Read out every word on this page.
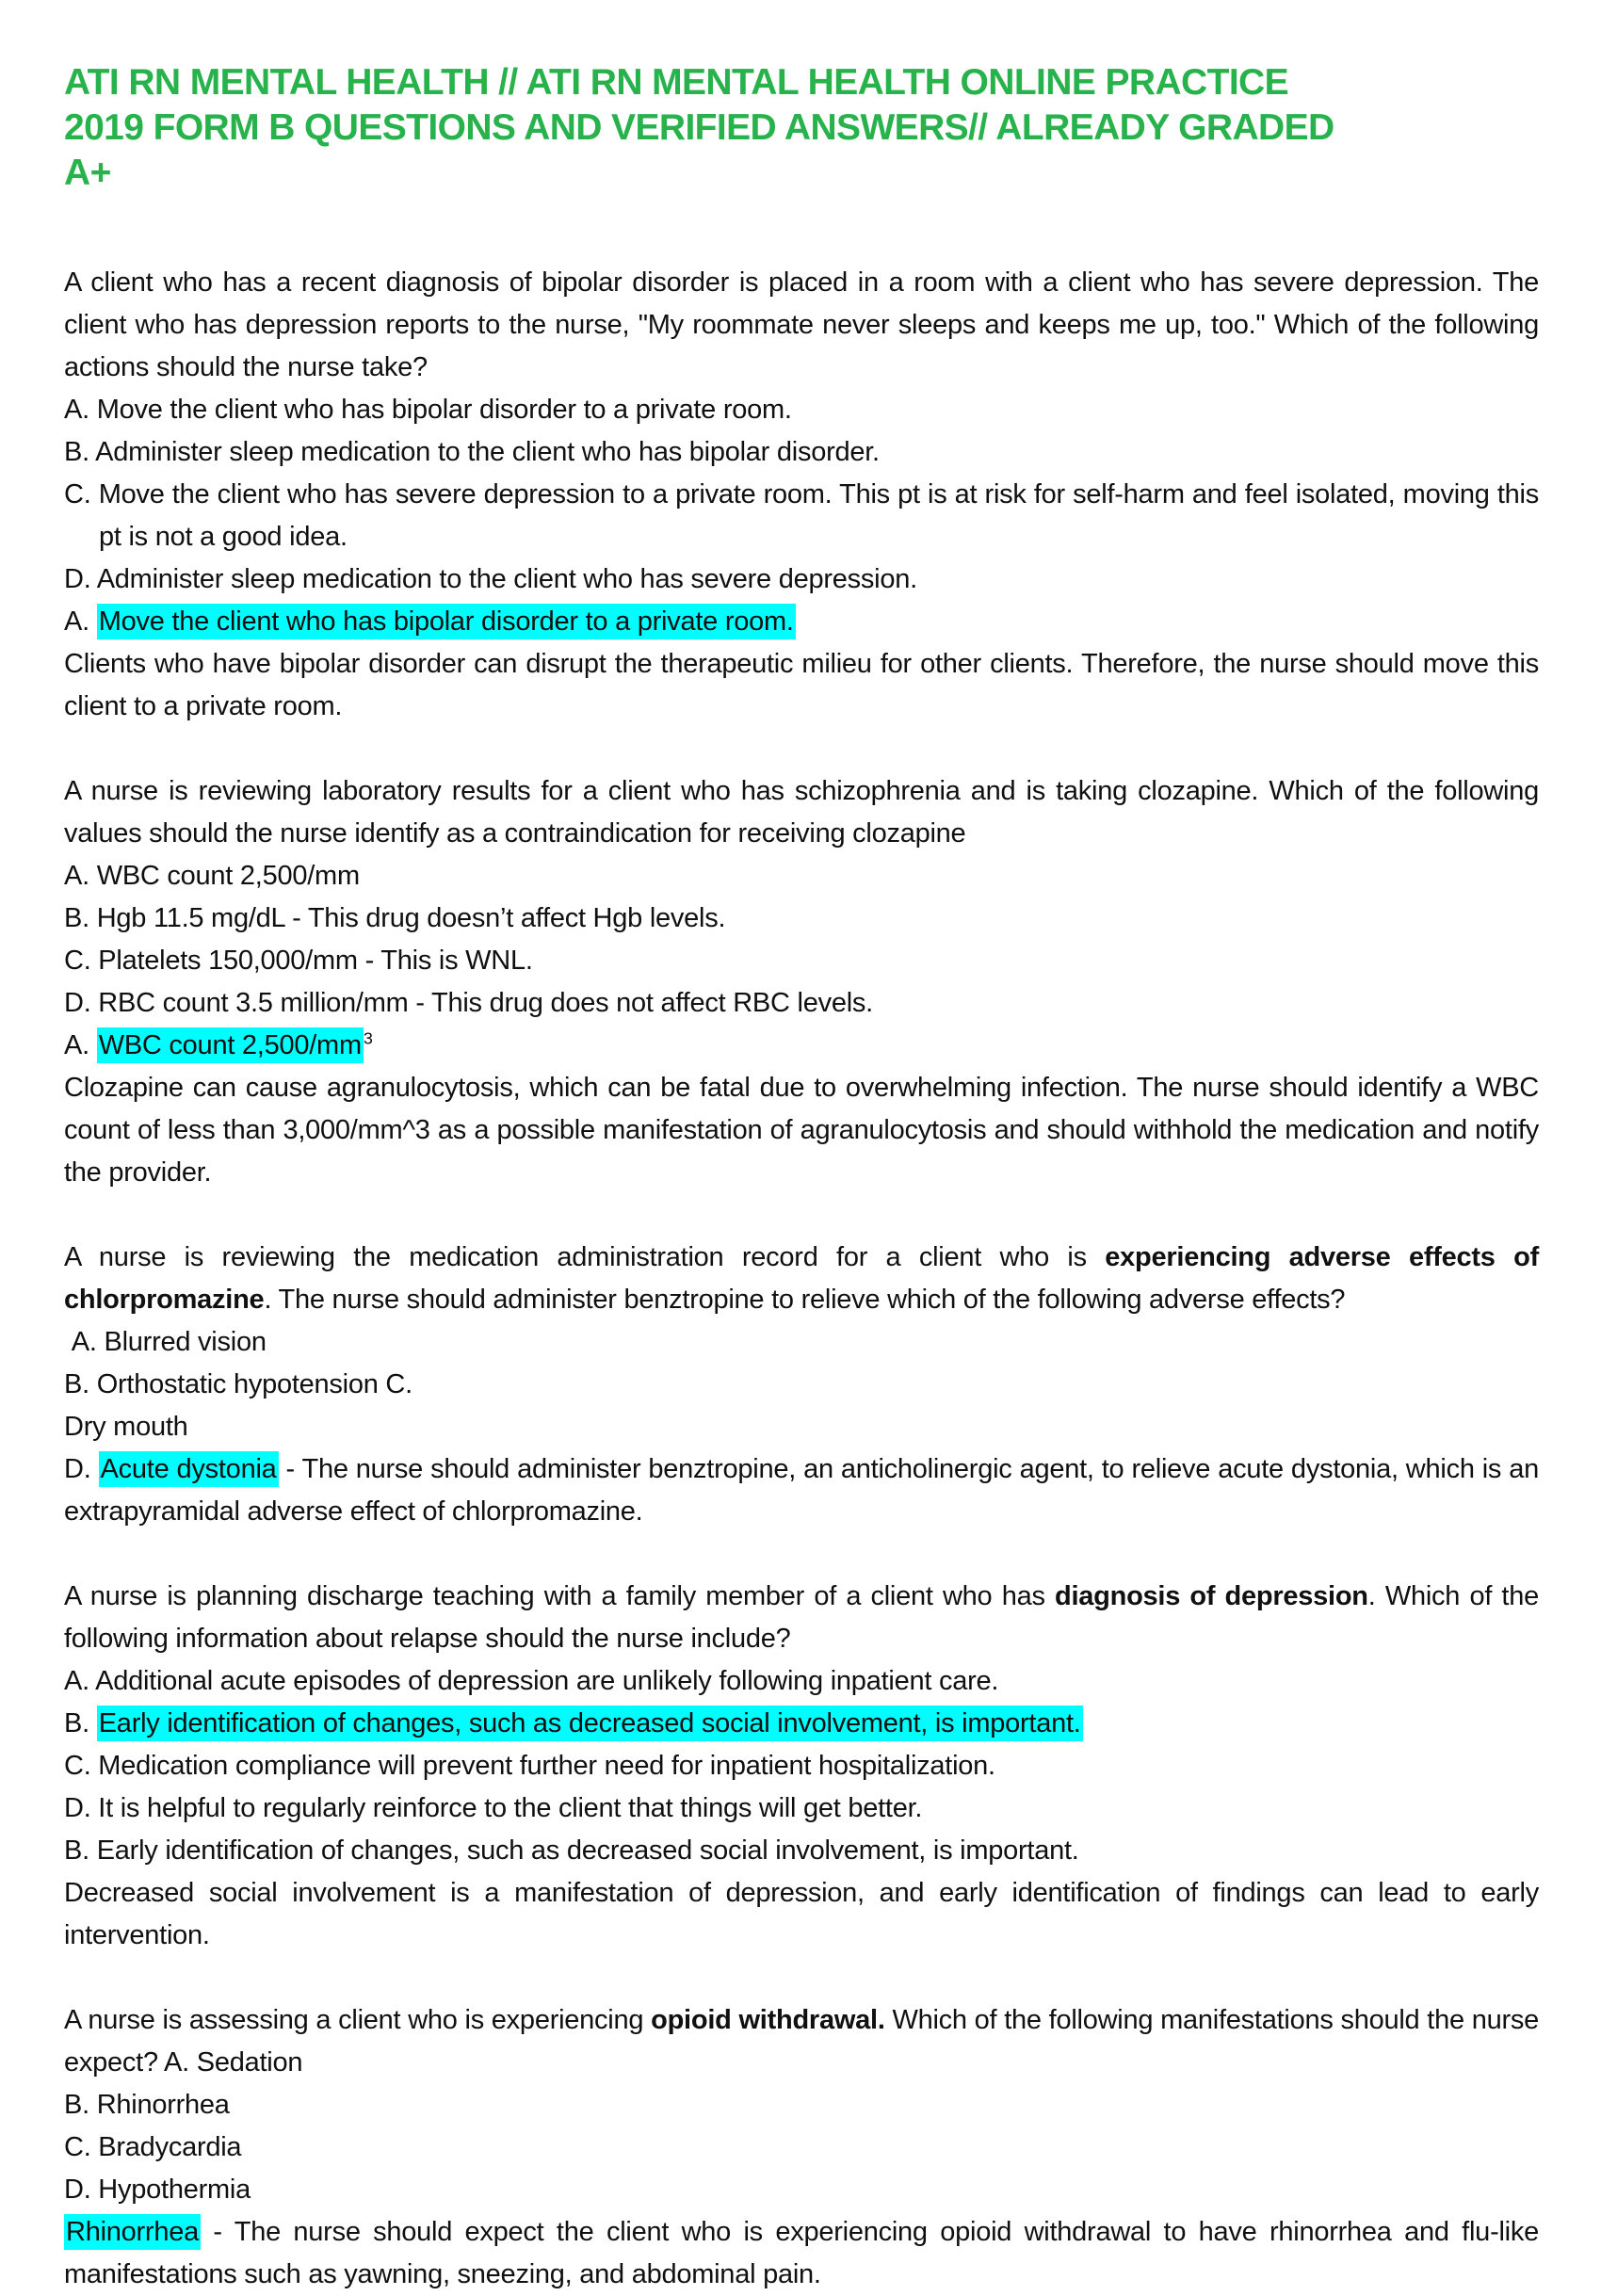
ATI RN MENTAL HEALTH // ATI RN MENTAL HEALTH ONLINE PRACTICE
2019 FORM B QUESTIONS AND VERIFIED ANSWERS// ALREADY GRADED
A+

A client who has a recent diagnosis of bipolar disorder is placed in a room with a client who has severe depression. The client who has depression reports to the nurse, "My roommate never sleeps and keeps me up, too." Which of the following actions should the nurse take?

A. Move the client who has bipolar disorder to a private room.

B. Administer sleep medication to the client who has bipolar disorder.

C. Move the client who has severe depression to a private room. This pt is at risk for self-harm and feel isolated, moving this pt is not a good idea.

D. Administer sleep medication to the client who has severe depression.

A. Move the client who has bipolar disorder to a private room.

Clients who have bipolar disorder can disrupt the therapeutic milieu for other clients. Therefore, the nurse should move this client to a private room.

A nurse is reviewing laboratory results for a client who has schizophrenia and is taking clozapine. Which of the following values should the nurse identify as a contraindication for receiving clozapine

A. WBC count 2,500/mm

B. Hgb 11.5 mg/dL - This drug doesn’t affect Hgb levels.

C. Platelets 150,000/mm - This is WNL.

D. RBC count 3.5 million/mm - This drug does not affect RBC levels.

A. WBC count 2,500/mm $^3$

Clozapine can cause agranulocytosis, which can be fatal due to overwhelming infection. The nurse should identify a WBC count of less than 3,000/mm^3 as a possible manifestation of agranulocytosis and should withhold the medication and notify the provider.

A nurse is reviewing the medication administration record for a client who is experiencing adverse effects of chlorpromazine. The nurse should administer benztropine to relieve which of the following adverse effects?

A. Blurred vision

B. Orthostatic hypotension C.

Dry mouth

D. Acute dystonia - The nurse should administer benztropine, an anticholinergic agent, to relieve acute dystonia, which is an extrapyramidal adverse effect of chlorpromazine.

A nurse is planning discharge teaching with a family member of a client who has diagnosis of depression. Which of the following information about relapse should the nurse include?

A. Additional acute episodes of depression are unlikely following inpatient care.

B. Early identification of changes, such as decreased social involvement, is important.

C. Medication compliance will prevent further need for inpatient hospitalization.

D. It is helpful to regularly reinforce to the client that things will get better.

B. Early identification of changes, such as decreased social involvement, is important.

Decreased social involvement is a manifestation of depression, and early identification of findings can lead to early intervention.

A nurse is assessing a client who is experiencing opioid withdrawal. Which of the following manifestations should the nurse expect? A. Sedation

B. Rhinorrhea

C. Bradycardia

D. Hypothermia

Rhinorrhea - The nurse should expect the client who is experiencing opioid withdrawal to have rhinorrhea and flu-like manifestations such as yawning, sneezing, and abdominal pain.
